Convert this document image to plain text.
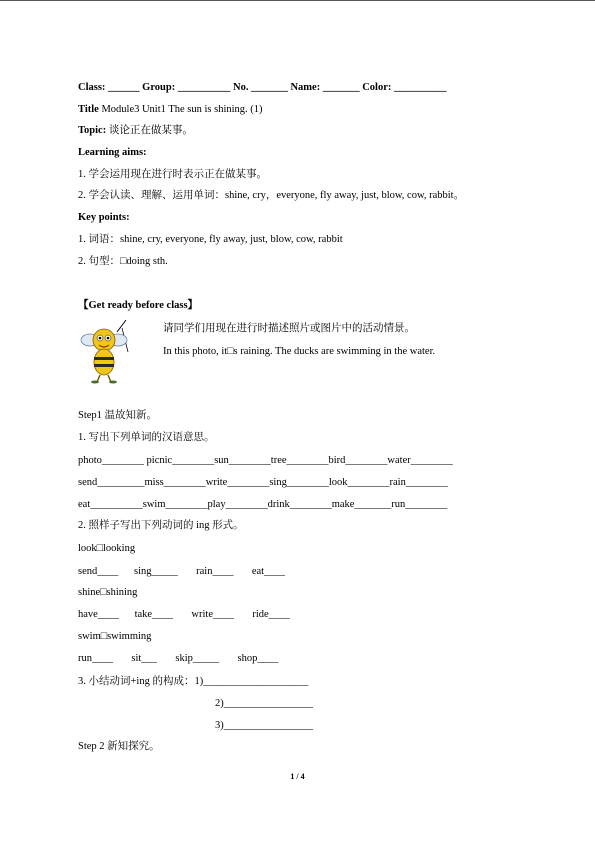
Class: ______ Group: __________ No. _______ Name: _______ Color: __________
Title Module3 Unit1 The sun is shining. (1)
Topic: 谈论正在做某事。
Learning aims:
1. 学会运用现在进行时表示正在做某事。
2. 学会认读、理解、运用单词：shine, cry，everyone, fly away, just, blow, cow, rabbit。
Key points:
1. 词语：shine, cry, everyone, fly away, just, blow, cow, rabbit
2. 句型：□doing sth.
【Get ready before class】
请同学们用现在进行时描述照片或图片中的活动情景。
In this photo, it□s raining. The ducks are swimming in the water.
Step1 温故知新。
1. 写出下列单词的汉语意思。
photo________ picnic________sun________tree________bird________water________
send_________miss________write________sing________look________rain________
eat__________swim________play________drink________make_______run________
2. 照样子写出下列动词的 ing 形式。
look□looking
send____      sing_____       rain____       eat____
shine□shining
have____      take____       write____       ride____
swim□swimming
run____       sit___       skip_____       shop____
3. 小结动词+ing 的构成：1)____________________
2)_________________
3)_________________
Step 2 新知探究。
1 / 4
